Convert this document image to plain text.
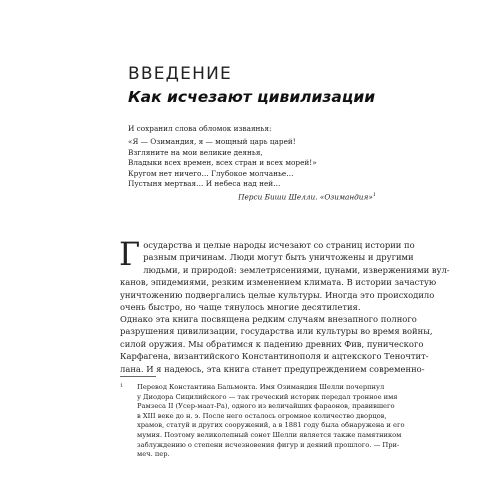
ВВЕДЕНИЕ
Как исчезают цивилизации

И сохранил слова обломок изваянья:

«Я — Озимандия, я — мощный царь царей!

Взгляните на мои великие деянья,

Владыки всех времен, всех стран и всех морей!»

Кругом нет ничего… Глубокое молчанье…

Пустыня мертвая… И небеса над ней…

Перси Биши Шелли. «Озимандия»$^1$

Г осударства и целые народы исчезают со страниц истории по
разным причинам. Люди могут быть уничтожены и другими
людьми, и природой: землетрясениями, цунами, извержениями вул-
канов, эпидемиями, резким изменением климата. В истории зачастую
уничтожению подвергались целые культуры. Иногда это происходило
очень быстро, но чаще тянулось многие десятилетия.
Однако эта книга посвящена редким случаям внезапного полного
разрушения цивилизации, государства или культуры во время войны,
силой оружия. Мы обратимся к падению древних Фив, пунического
Карфагена, византийского Константинополя и ацтекского Теночтит-
лана. И я надеюсь, эта книга станет предупреждением современно-
1 Перевод Константина Бальмонта. Имя Озимандия Шелли почерпнул
у Диодора Сицилийского — так греческий историк передал тронное имя
Рамзеса II (Усер-маат-Ра), одного из величайших фараонов, правившего
в XIII веке до н. э. После него осталось огромное количество дворцов,
храмов, статуй и других сооружений, а в 1881 году была обнаружена и его
мумия. Поэтому великолепный сонет Шелли является также памятником
заблуждению о степени исчезновения фигур и деяний прошлого. — При-
меч. пер.
